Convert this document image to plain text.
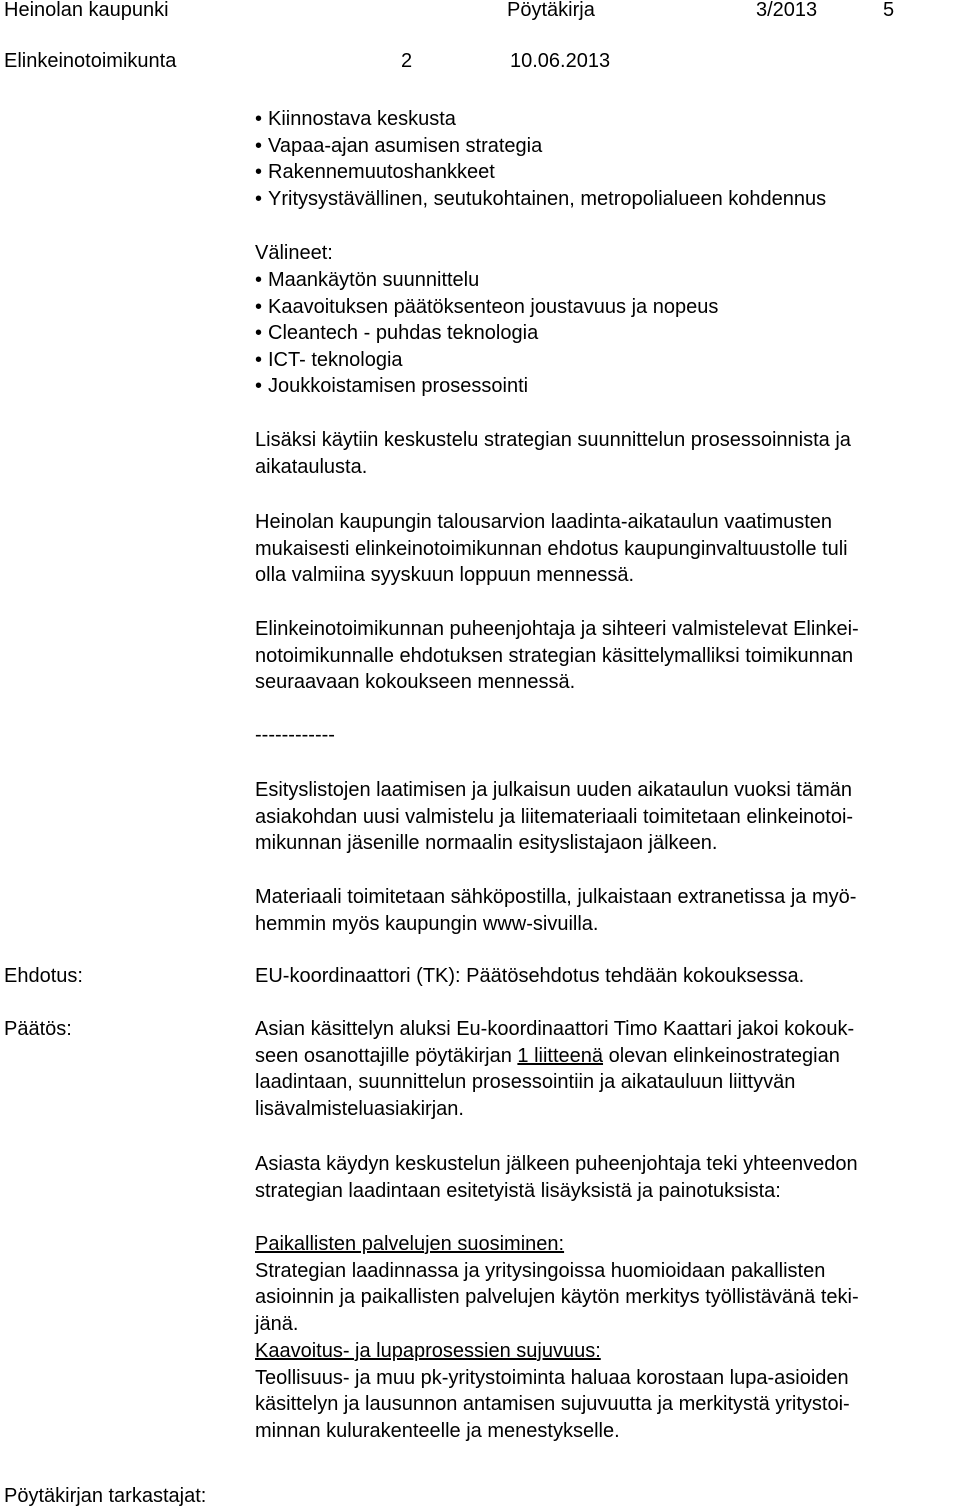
Heinolan kaupunki	Pöytäkirja	3/2013	5
Elinkeinotoimikunta	2	10.06.2013
• Kiinnostava keskusta
• Vapaa-ajan asumisen strategia
• Rakennemuutoshankkeet
• Yritysystävällinen, seutukohtainen, metropolialueen kohdennus
Välineet:
• Maankäytön suunnittelu
• Kaavoituksen päätöksenteon joustavuus ja nopeus
• Cleantech - puhdas teknologia
• ICT- teknologia
• Joukkoistamisen prosessointi
Lisäksi käytiin keskustelu strategian suunnittelun prosessoinnista ja
aikataulusta.
Heinolan kaupungin talousarvion laadinta-aikataulun vaatimusten
mukaisesti elinkeinotoimikunnan ehdotus kaupunginvaltuustolle tuli
olla valmiina syyskuun loppuun mennessä.
Elinkeinotoimikunnan puheenjohtaja ja sihteeri valmistelevat Elinkei-
notoimikunnalle ehdotuksen strategian käsittelymalliksi toimikunnan
seuraavaan kokoukseen mennessä.
------------
Esityslistojen laatimisen ja julkaisun uuden aikataulun vuoksi tämän
asiakohdan uusi valmistelu ja liitemateriaali toimitetaan elinkeinotoi-
mikunnan jäsenille normaalin esityslistajaon jälkeen.
Materiaali toimitetaan sähköpostilla, julkaistaan extranetissa ja myö-
hemmin myös kaupungin www-sivuilla.
Ehdotus:	EU-koordinaattori (TK): Päätösehdotus tehdään kokouksessa.
Päätös:	Asian käsittelyn aluksi Eu-koordinaattori Timo Kaattari jakoi kokouk-
seen osanottajille pöytäkirjan 1 liitteenä olevan elinkeinostrategian
laadintaan, suunnittelun prosessointiin ja aikatauluun liittyvän
lisävalmisteluasiakirjan.
Asiasta käydyn keskustelun jälkeen puheenjohtaja teki yhteenvedon
strategian laadintaan esitetyistä lisäyksistä ja painotuksista:
Paikallisten palvelujen suosiminen:
Strategian laadinnassa ja yritysingoissa huomioidaan pakallisten
asioinnin ja paikallisten palvelujen käytön merkitys työllistävänä teki-
jänä.
Kaavoitus- ja lupaprosessien sujuvuus:
Teollisuus- ja muu pk-yritystoiminta haluaa korostaan lupa-asioiden
käsittelyn ja lausunnon antamisen sujuvuutta ja merkitystä yritystoi-
minnan kulurakenteelle ja menestykselle.
Pöytäkirjan tarkastajat:
